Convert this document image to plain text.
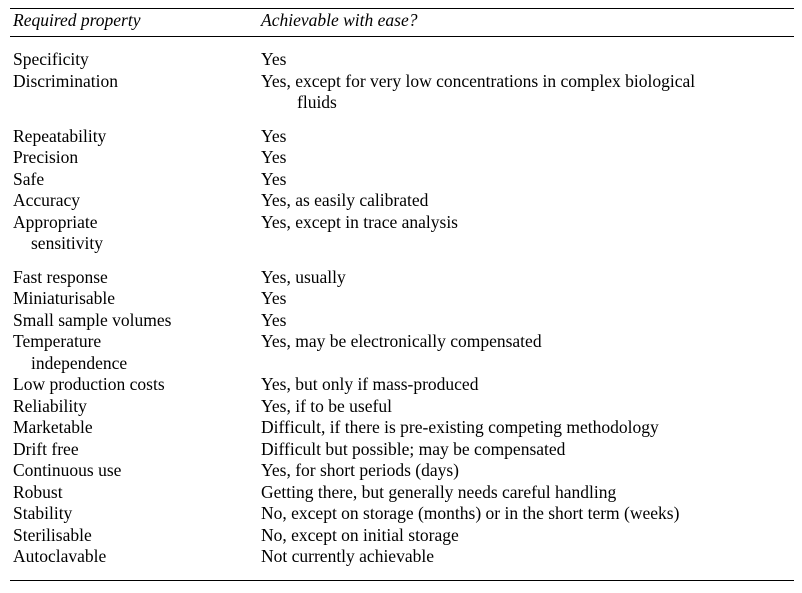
Required property	Achievable with ease?
Specificity	Yes
Discrimination	Yes, except for very low concentrations in complex biological
fluids

Repeatability	Yes
Precision	Yes
Safe	Yes
Accuracy	Yes, as easily calibrated
Appropriate
sensitivity	Yes, except in trace analysis
Fast response	Yes, usually
Miniaturisable	Yes
Small sample volumes	Yes
Temperature
independence	Yes, may be electronically compensated
Low production costs	Yes, but only if mass-produced
Reliability	Yes, if to be useful
Marketable	Difficult, if there is pre-existing competing methodology
Drift free	Difficult but possible; may be compensated
Continuous use	Yes, for short periods (days)
Robust	Getting there, but generally needs careful handling
Stability	No, except on storage (months) or in the short term (weeks)
Sterilisable	No, except on initial storage
Autoclavable	Not currently achievable
